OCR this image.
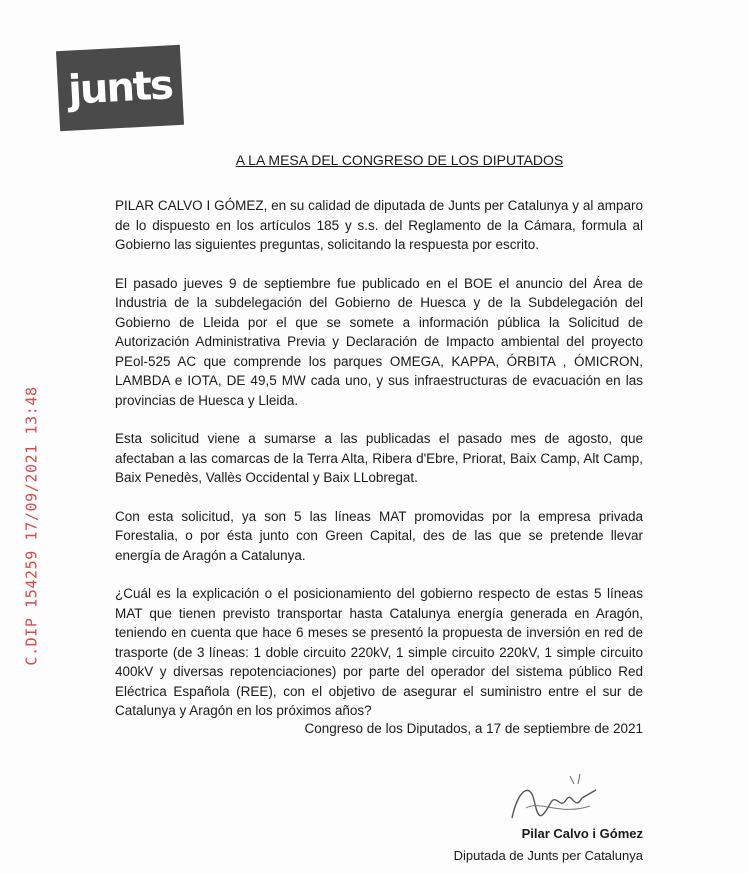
junts
C.DIP 154259 17/09/2021 13:48
A LA MESA DEL CONGRESO DE LOS DIPUTADOS

PILAR CALVO I GÓMEZ, en su calidad de diputada de Junts per Catalunya y al amparo de lo dispuesto en los artículos 185 y s.s. del Reglamento de la Cámara, formula al Gobierno las siguientes preguntas, solicitando la respuesta por escrito.

El pasado jueves 9 de septiembre fue publicado en el BOE el anuncio del Área de Industria de la subdelegación del Gobierno de Huesca y de la Subdelegación del Gobierno de Lleida por el que se somete a información pública la Solicitud de Autorización Administrativa Previa y Declaración de Impacto ambiental del proyecto PEol-525 AC que comprende los parques OMEGA, KAPPA, ÓRBITA , ÓMICRON, LAMBDA e IOTA, DE 49,5 MW cada uno, y sus infraestructuras de evacuación en las provincias de Huesca y Lleida.

Esta solicitud viene a sumarse a las publicadas el pasado mes de agosto, que afectaban a las comarcas de la Terra Alta, Ribera d'Ebre, Priorat, Baix Camp, Alt Camp, Baix Penedès, Vallès Occidental y Baix LLobregat.

Con esta solicitud, ya son 5 las líneas MAT promovidas por la empresa privada Forestalia, o por ésta junto con Green Capital, des de las que se pretende llevar energía de Aragón a Catalunya.

¿Cuál es la explicación o el posicionamiento del gobierno respecto de estas 5 líneas MAT que tienen previsto transportar hasta Catalunya energía generada en Aragón, teniendo en cuenta que hace 6 meses se presentó la propuesta de inversión en red de trasporte (de 3 líneas: 1 doble circuito 220kV, 1 simple circuito 220kV, 1 simple circuito 400kV y diversas repotenciaciones) por parte del operador del sistema público Red Eléctrica Española (REE), con el objetivo de asegurar el suministro entre el sur de Catalunya y Aragón en los próximos años?

Congreso de los Diputados, a 17 de septiembre de 2021
Pilar Calvo i Gómez
Diputada de Junts per Catalunya
